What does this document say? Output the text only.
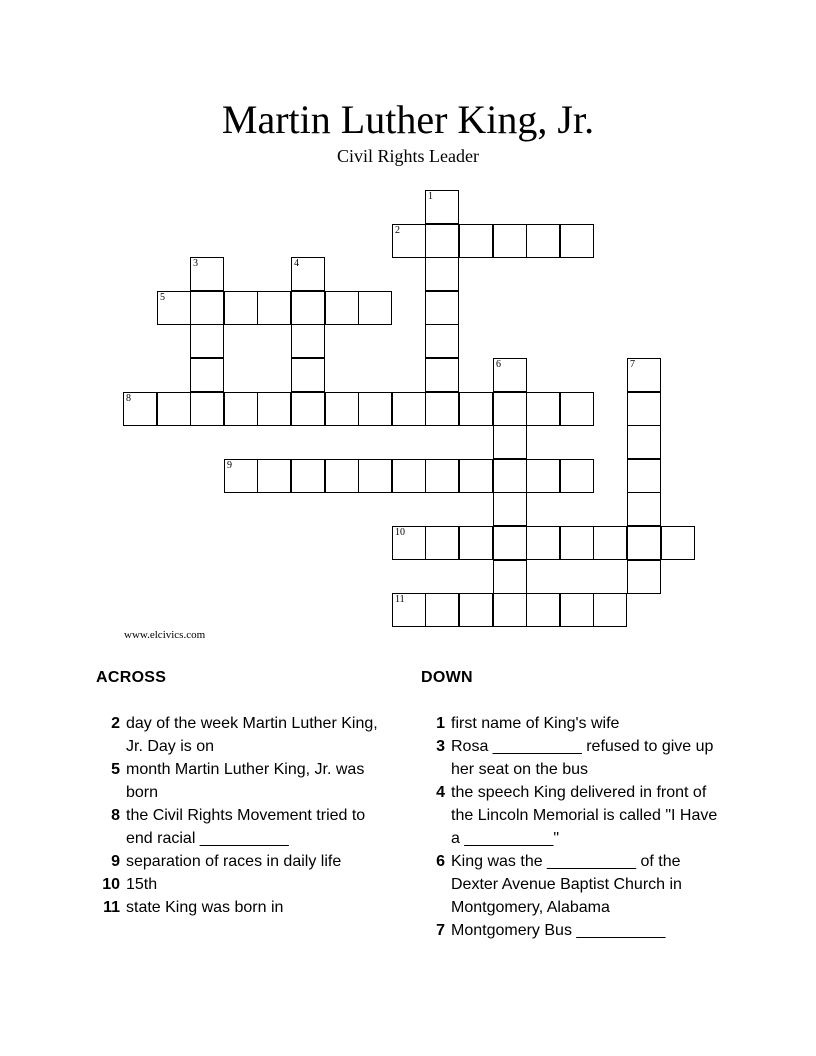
Martin Luther King, Jr.
Civil Rights Leader
1
2
3	4
5
6	7
8
9
10
11
www.elcivics.com
ACROSS	DOWN
2 day of the week Martin Luther King, Jr. Day is on
5 month Martin Luther King, Jr. was born
8 the Civil Rights Movement tried to end racial __________
9 separation of races in daily life
10 15th
11 state King was born in
1 first name of King's wife
3 Rosa __________ refused to give up her seat on the bus
4 the speech King delivered in front of the Lincoln Memorial is called "I Have a __________"
6 King was the __________ of the Dexter Avenue Baptist Church in Montgomery, Alabama
7 Montgomery Bus __________
